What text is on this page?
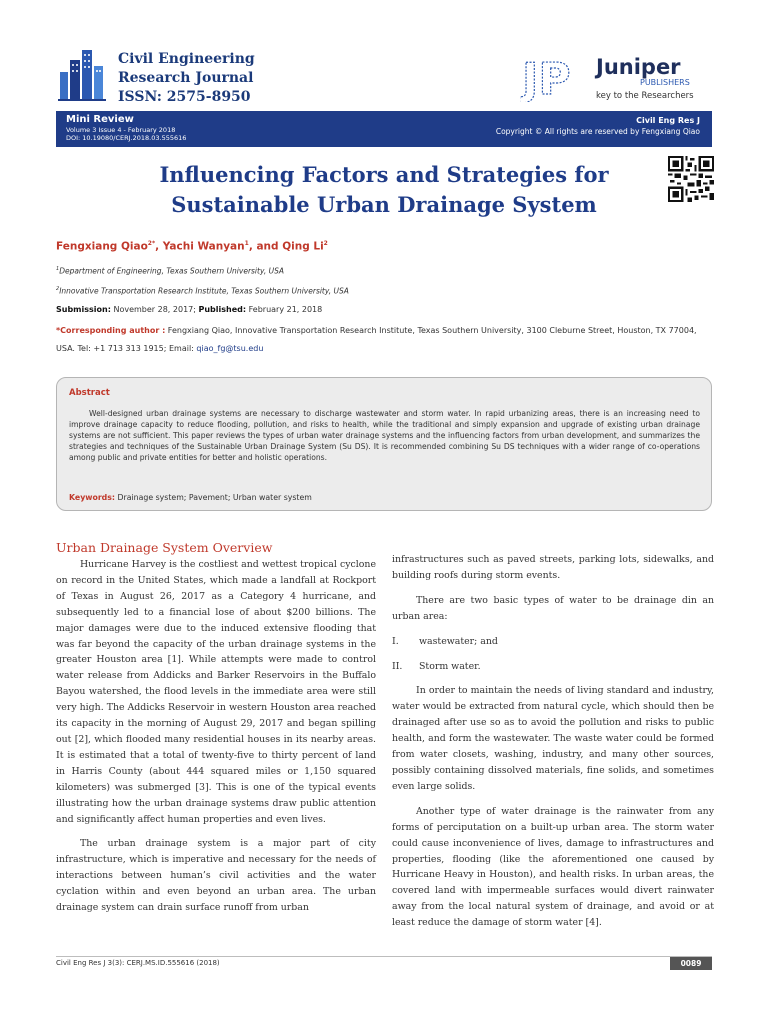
Civil Engineering
Research Journal
ISSN: 2575-8950	JP Juniper
PUBLISHERS
key to the Researchers
Mini Review
Volume 3 Issue 4 - February 2018
DOI: 10.19080/CERJ.2018.03.555616
Civil Eng Res J
Copyright © All rights are reserved by Fengxiang Qiao
Influencing Factors and Strategies for
Sustainable Urban Drainage System
Fengxiang Qiao$^{2*}$, Yachi Wanyan$^1$, and Qing Li$^2$
$^1$Department of Engineering, Texas Southern University, USA
$^2$Innovative Transportation Research Institute, Texas Southern University, USA
Submission: November 28, 2017; Published: February 21, 2018
*Corresponding author : Fengxiang Qiao, Innovative Transportation Research Institute, Texas Southern University, 3100 Cleburne Street, Houston, TX 77004, USA. Tel: +1 713 313 1915; Email: qiao_fg@tsu.edu
Abstract
Well-designed urban drainage systems are necessary to discharge wastewater and storm water. In rapid urbanizing areas, there is an increasing need to improve drainage capacity to reduce flooding, pollution, and risks to health, while the traditional and simply expansion and upgrade of existing urban drainage systems are not sufficient. This paper reviews the types of urban water drainage systems and the influencing factors from urban development, and summarizes the strategies and techniques of the Sustainable Urban Drainage System (Su DS). It is recommended combining Su DS techniques with a wider range of co-operations among public and private entities for better and holistic operations.
Keywords: Drainage system; Pavement; Urban water system
Urban Drainage System Overview

Hurricane Harvey is the costliest and wettest tropical cyclone on record in the United States, which made a landfall at Rockport of Texas in August 26, 2017 as a Category 4 hurricane, and subsequently led to a financial lose of about $200 billions. The major damages were due to the induced extensive flooding that was far beyond the capacity of the urban drainage systems in the greater Houston area [1]. While attempts were made to control water release from Addicks and Barker Reservoirs in the Buffalo Bayou watershed, the flood levels in the immediate area were still very high. The Addicks Reservoir in western Houston area reached its capacity in the morning of August 29, 2017 and began spilling out [2], which flooded many residential houses in its nearby areas. It is estimated that a total of twenty-five to thirty percent of land in Harris County (about 444 squared miles or 1,150 squared kilometers) was submerged [3]. This is one of the typical events illustrating how the urban drainage systems draw public attention and significantly affect human properties and even lives.

The urban drainage system is a major part of city infrastructure, which is imperative and necessary for the needs of interactions between human’s civil activities and the water cyclation within and even beyond an urban area. The urban drainage system can drain surface runoff from urban

infrastructures such as paved streets, parking lots, sidewalks, and building roofs during storm events.

There are two basic types of water to be drainage din an urban area:

I. wastewater; and
II. Storm water.

In order to maintain the needs of living standard and industry, water would be extracted from natural cycle, which should then be drainaged after use so as to avoid the pollution and risks to public health, and form the wastewater. The waste water could be formed from water closets, washing, industry, and many other sources, possibly containing dissolved materials, fine solids, and sometimes even large solids.

Another type of water drainage is the rainwater from any forms of perciputation on a built-up urban area. The storm water could cause inconvenience of lives, damage to infrastructures and properties, flooding (like the aforementioned one caused by Hurricane Heavy in Houston), and health risks. In urban areas, the covered land with impermeable surfaces would divert rainwater away from the local natural system of drainage, and avoid or at least reduce the damage of storm water [4].

Civil Eng Res J 3(3): CERJ.MS.ID.555616 (2018)	0089
